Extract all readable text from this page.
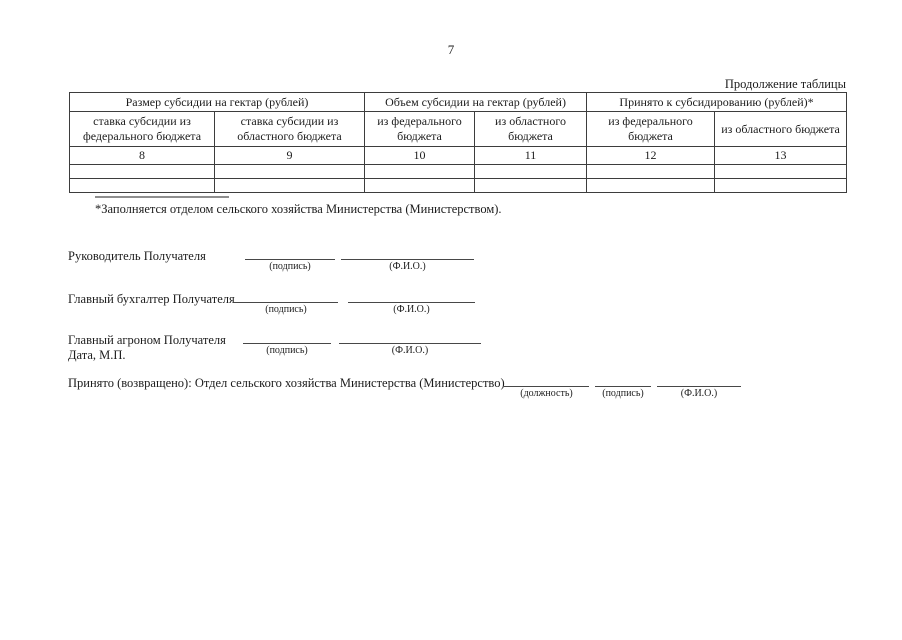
7
Продолжение таблицы
Размер субсидии на гектар (рублей)		Объем субсидии на гектар (рублей)		Принято к субсидированию (рублей)*	
ставка субсидии из федерального бюджета	ставка субсидии из областного бюджета	из федерального бюджета	из областного бюджета	из федерального бюджета	из областного бюджета
8	9	10	11	12	13

*Заполняется отделом сельского хозяйства Министерства (Министерством).
Руководитель Получателя
(подпись)	(Ф.И.О.)
Главный бухгалтер Получателя
(подпись)	(Ф.И.О.)
Главный агроном Получателя
Дата, М.П.	(подпись)	(Ф.И.О.)
Принято (возвращено): Отдел сельского хозяйства Министерства (Министерство)
(должность)	(подпись)	(Ф.И.О.)
